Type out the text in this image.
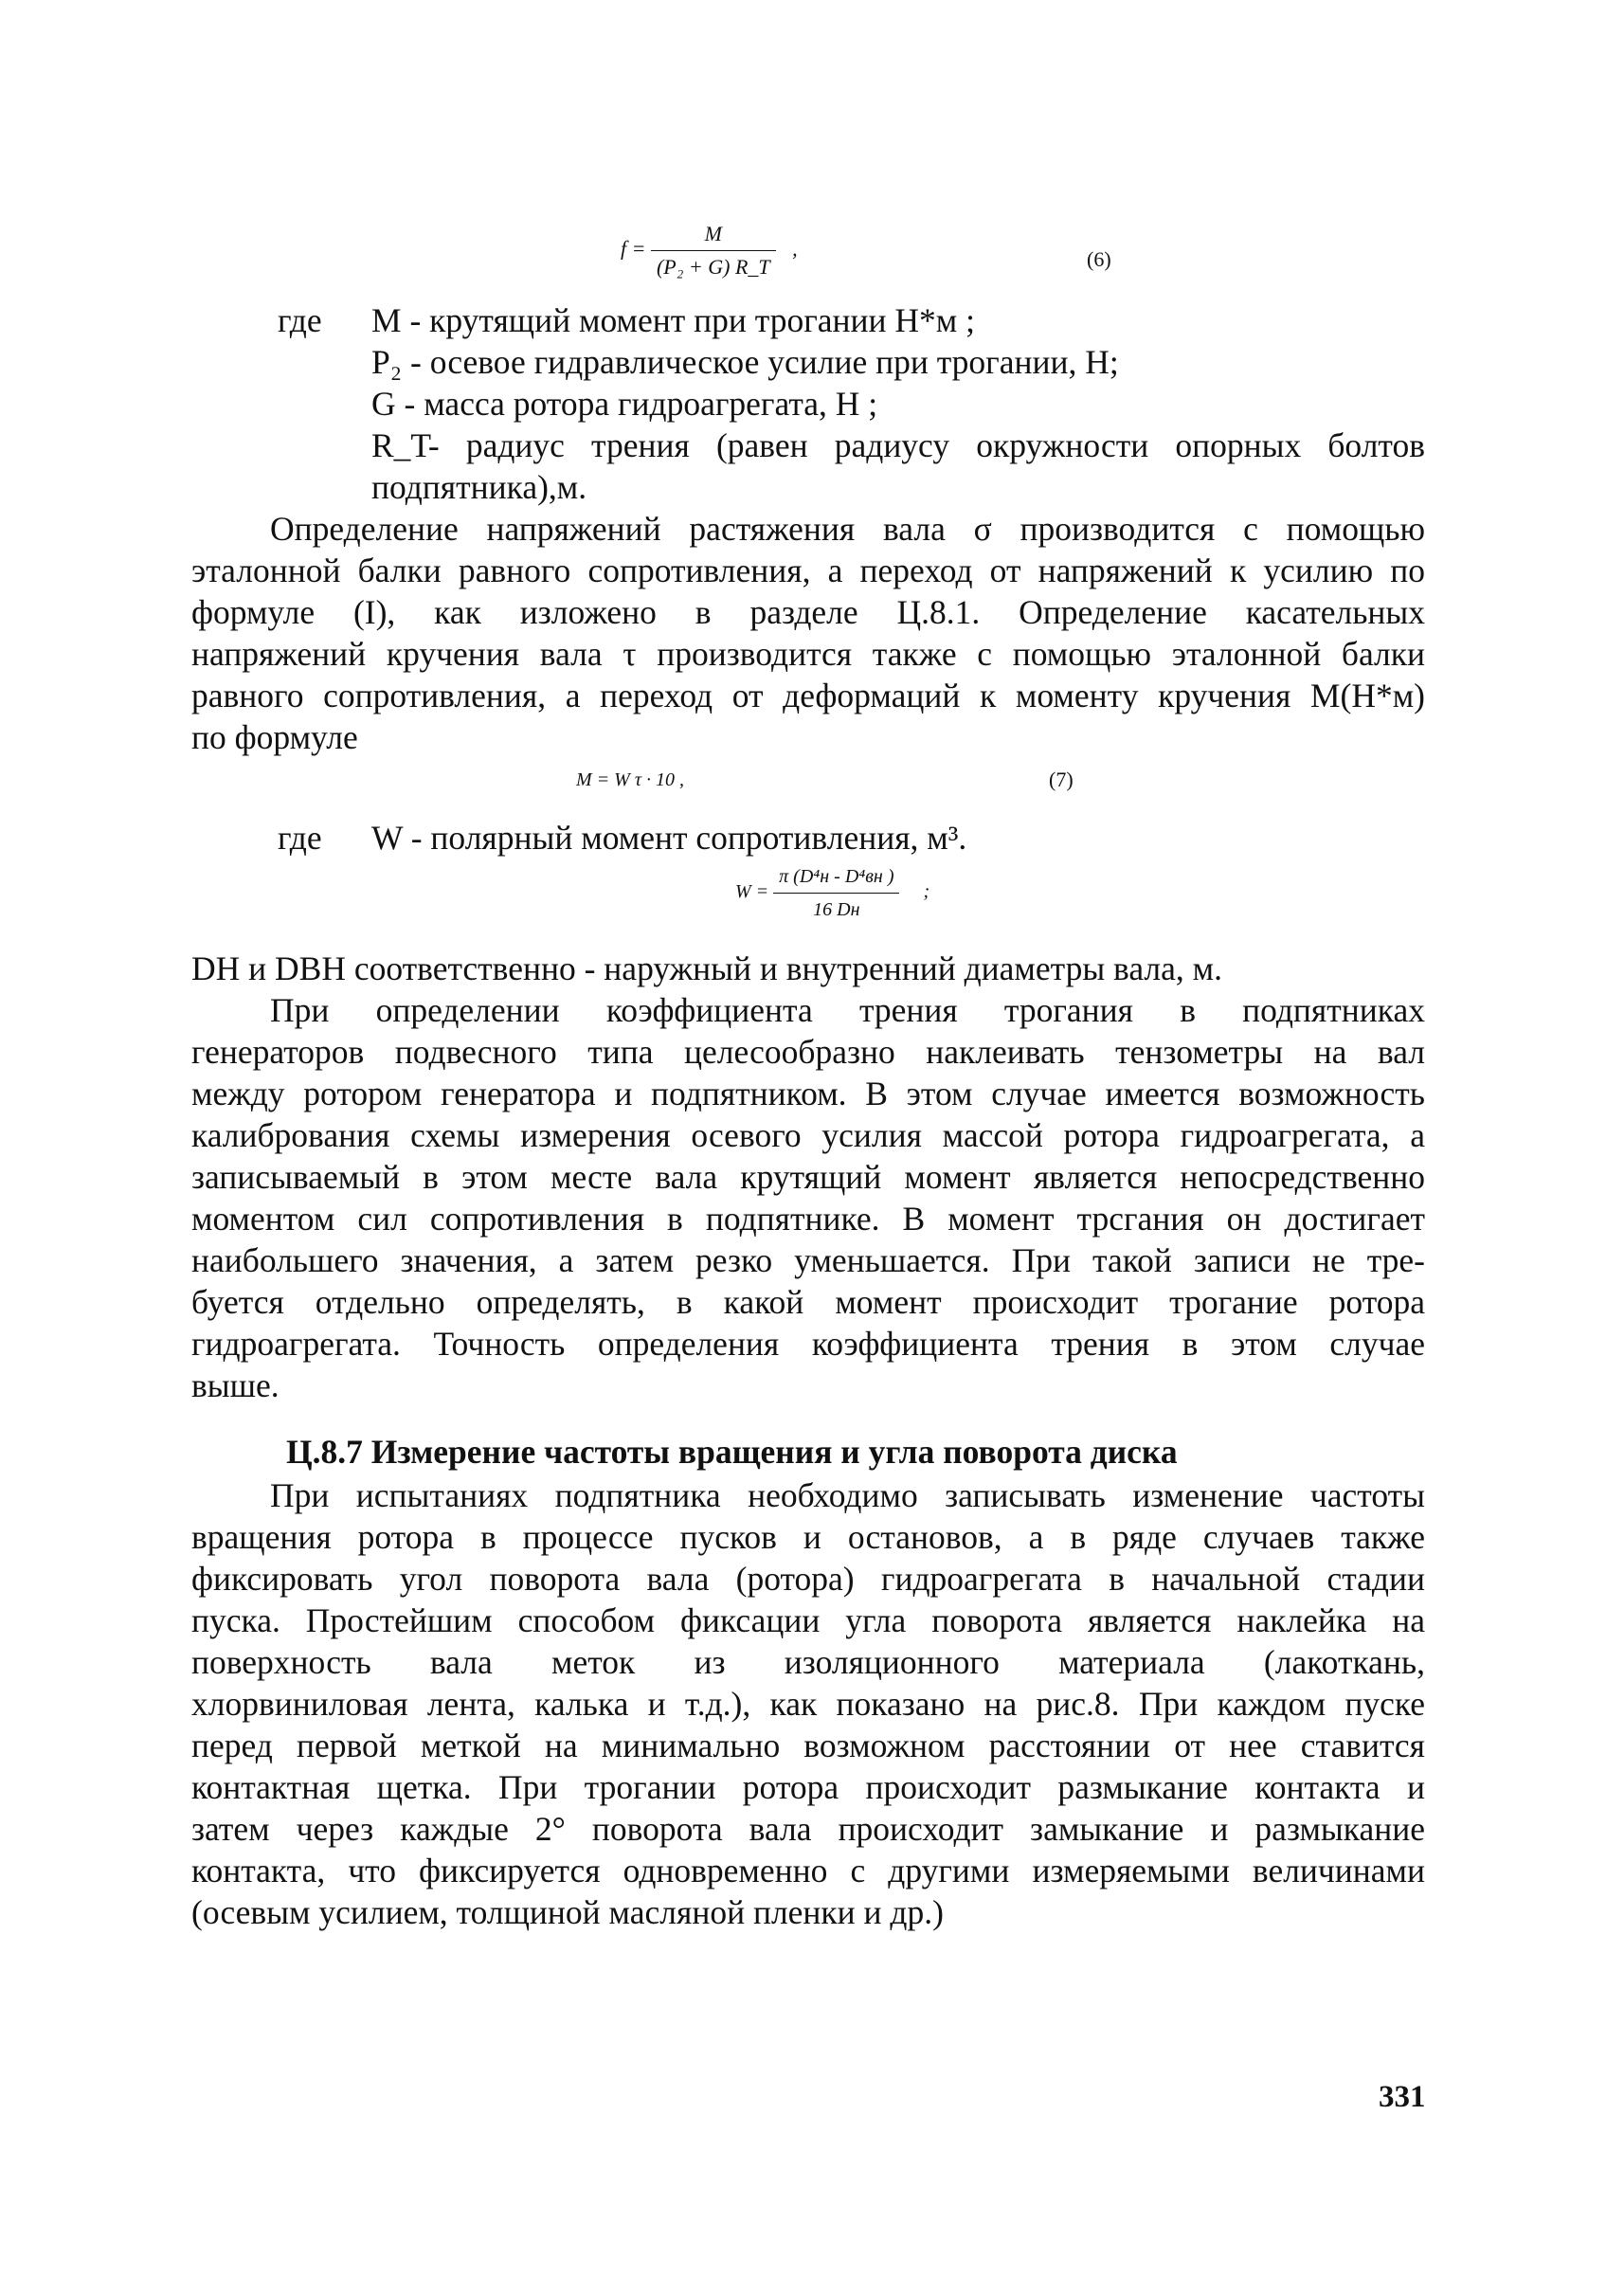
$f = \frac{M}{\text{(P₂ + G) R\_T}}$ ,	(6)
где M - крутящий момент при трогании Н*м ;
P₂ - осевое гидравлическое усилие при трогании, Н;
G - масса ротора гидроагрегата, Н ;
R_T- радиус трения (равен радиусу окружности опорных болтов
подпятника),м.
Определение напряжений растяжения вала σ производится с помощью
эталонной балки равного сопротивления, а переход от напряжений к усилию по
формуле (I), как изложено в разделе Ц.8.1. Определение касательных
напряжений кручения вала τ производится также с помощью эталонной балки
равного сопротивления, а переход от деформаций к моменту кручения М(Н*м)
по формуле
M = W τ · 10 ,	(7)
где W - полярный момент сопротивления, м³.
$W = \frac{\text{π (D⁴н - D⁴вн )}}{16 Dн}$ ;
DН и DВН соответственно - наружный и внутренний диаметры вала, м.
При определении коэффициента трения трогания в подпятниках
генераторов подвесного типа целесообразно наклеивать тензометры на вал
между ротором генератора и подпятником. В этом случае имеется возможность
калибрования схемы измерения осевого усилия массой ротора гидроагрегата, а
записываемый в этом месте вала крутящий момент является непосредственно
моментом сил сопротивления в подпятнике. В момент трсгания он достигает
наибольшего значения, а затем резко уменьшается. При такой записи не тре-
буется отдельно определять, в какой момент происходит трогание ротора
гидроагрегата. Точность определения коэффициента трения в этом случае
выше.
Ц.8.7 Измерение частоты вращения и угла поворота диска
При испытаниях подпятника необходимо записывать изменение частоты
вращения ротора в процессе пусков и остановов, а в ряде случаев также
фиксировать угол поворота вала (ротора) гидроагрегата в начальной стадии
пуска. Простейшим способом фиксации угла поворота является наклейка на
поверхность вала меток из изоляционного материала (лакоткань,
хлорвиниловая лента, калька и т.д.), как показано на рис.8. При каждом пуске
перед первой меткой на минимально возможном расстоянии от нее ставится
контактная щетка. При трогании ротора происходит размыкание контакта и
затем через каждые 2° поворота вала происходит замыкание и размыкание
контакта, что фиксируется одновременно с другими измеряемыми величинами
(осевым усилием, толщиной масляной пленки и др.)
331
